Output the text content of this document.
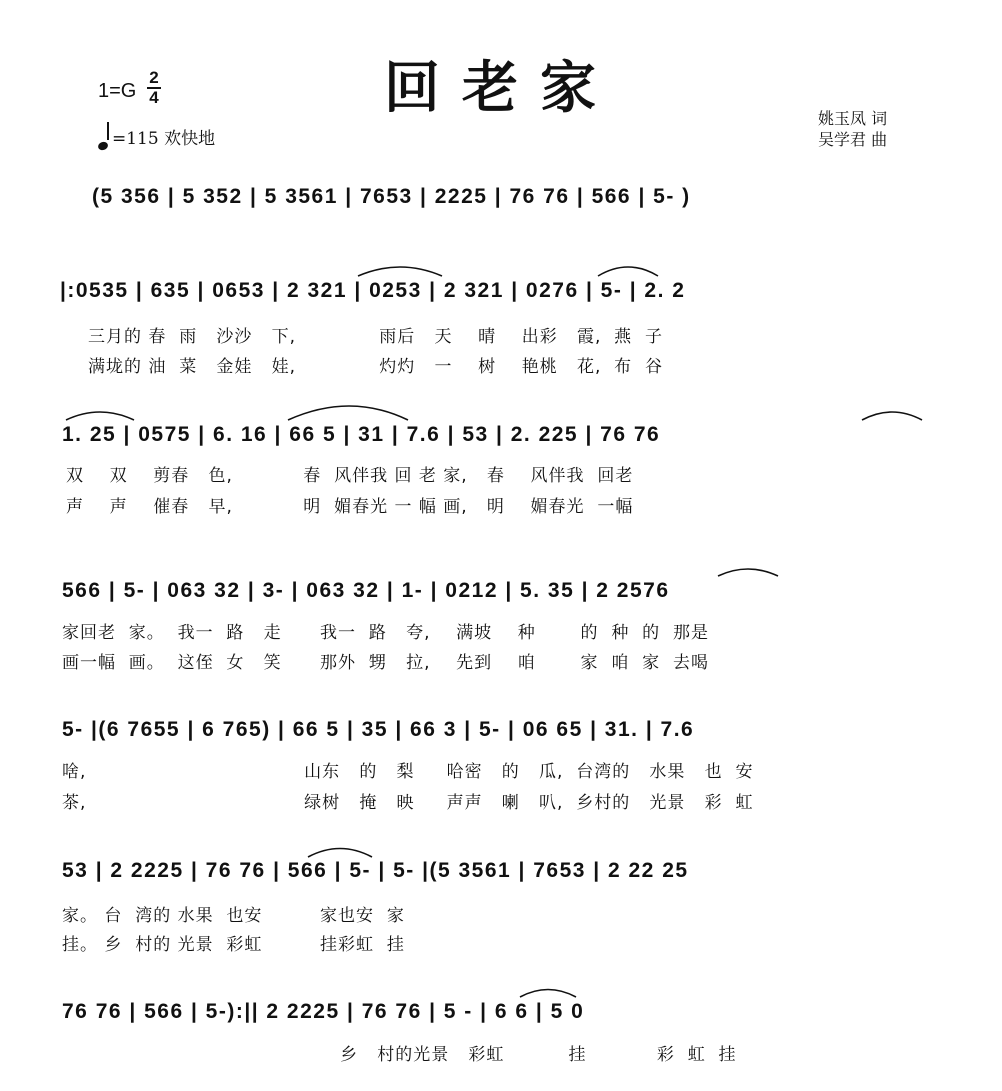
回老家
1=G
2
4
=115 欢快地
姚玉凤 词
吴学君 曲
(5 356 | 5 352 | 5 3561 | 7653 | 2225 | 76 76 | 566 | 5- )
|:0535 | 635 | 0653 | 2 321 | 0253 | 2 321 | 0276 | 5- | 2. 2
三月的 春  雨   沙沙   下,             雨后   天    晴    出彩   霞,  燕  子
满垅的 油  菜   金娃   娃,             灼灼   一    树    艳桃   花,  布  谷
1. 25 | 0575 | 6. 16 | 66 5 | 31 | 7.6 | 53 | 2. 225 | 76 76
双    双    剪春   色,           春  风伴我 回 老 家,   春    风伴我  回老
声    声    催春   早,           明  媚春光 一 幅 画,   明    媚春光  一幅
566 | 5- | 063 32 | 3- | 063 32 | 1- | 0212 | 5. 35 | 2 2576
家回老  家。  我一  路   走      我一  路   夸,    满坡    种       的  种  的  那是
画一幅  画。  这侄  女   笑      那外  甥   拉,    先到    咱       家  咱  家  去喝
5- |(6 7655 | 6 765) | 66 5 | 35 | 66 3 | 5- | 06 65 | 31. | 7.6
啥,                                  山东   的   梨     哈密   的   瓜,  台湾的   水果   也  安
茶,                                  绿树   掩   映     声声   喇   叭,  乡村的   光景   彩  虹
53 | 2 2225 | 76 76 | 566 | 5- | 5- |(5 3561 | 7653 | 2 22 25
家。 台  湾的 水果  也安         家也安  家
挂。 乡  村的 光景  彩虹         挂彩虹  挂
76 76 | 566 | 5-):|| 2 2225 | 76 76 | 5 - | 6 6 | 5 0
乡   村的光景   彩虹          挂           彩  虹  挂
